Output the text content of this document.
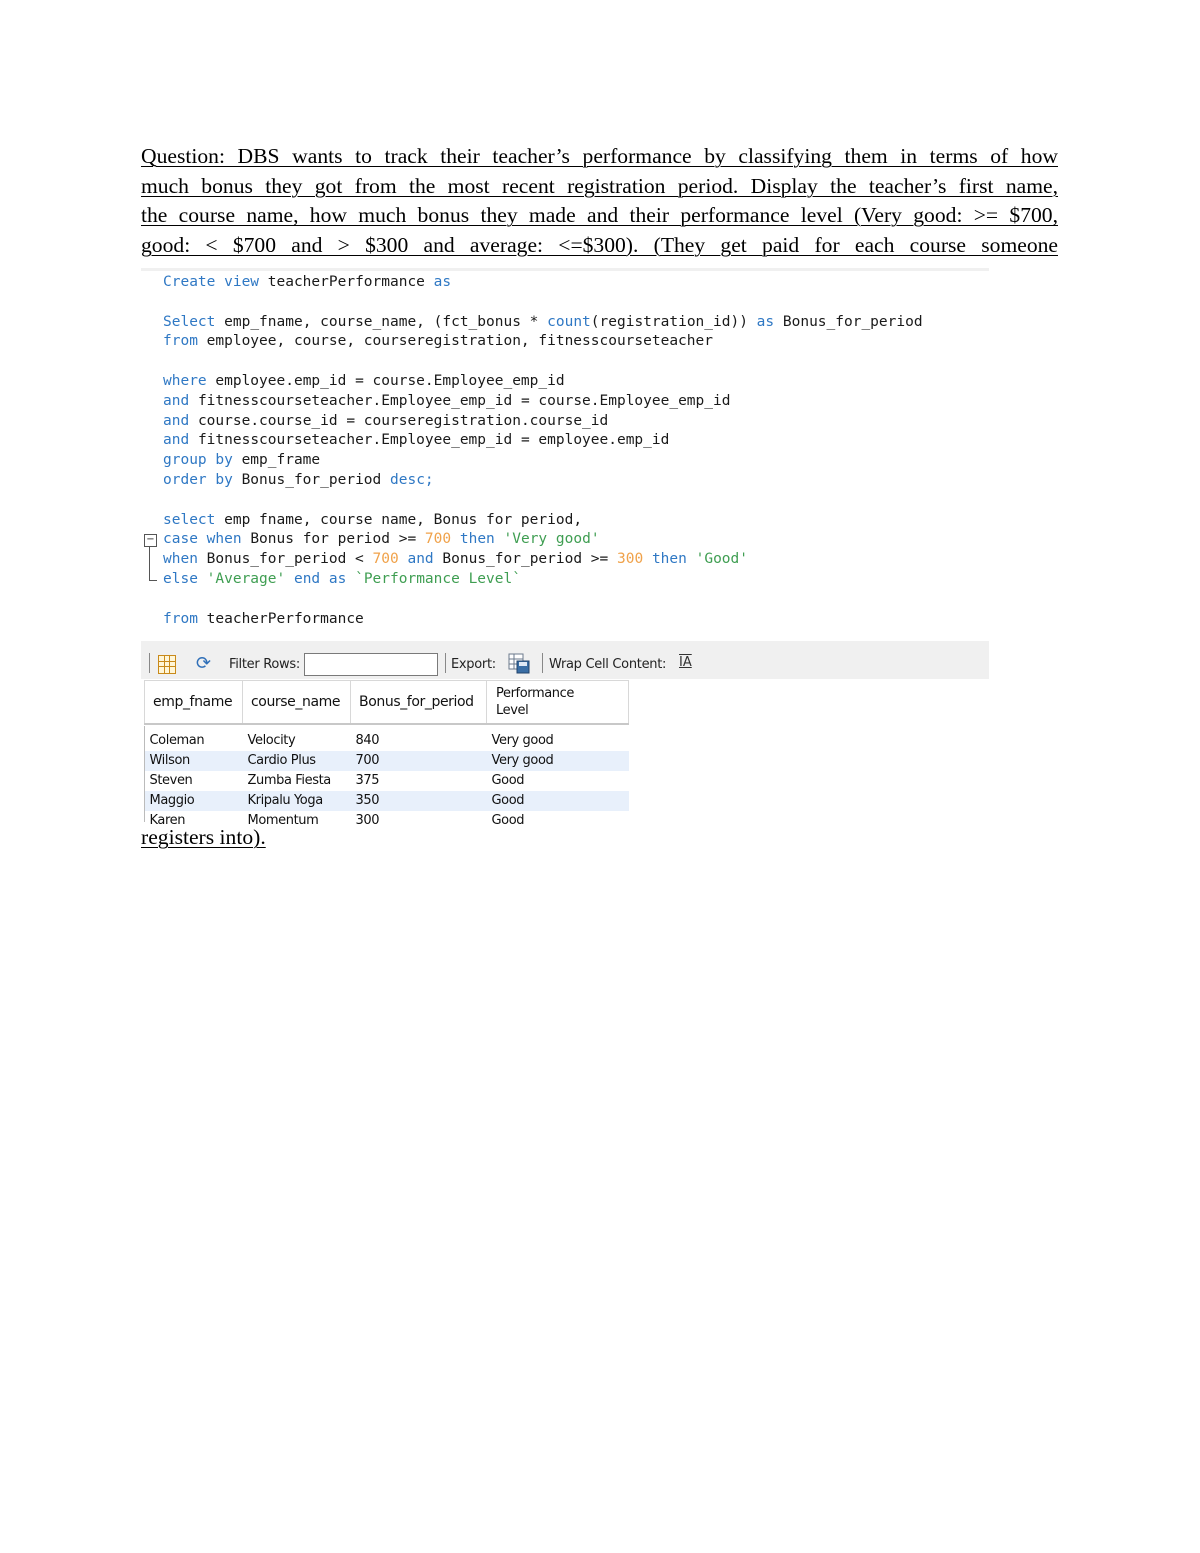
Question: DBS wants to track their teacher’s performance by classifying them in terms of how
much bonus they got from the most recent registration period. Display the teacher’s first name,
the course name, how much bonus they made and their performance level (Very good: >= $700,
good: < $700 and > $300 and average: <=$300). (They get paid for each course someone
−
Create view teacherPerformance as

Select emp_fname, course_name, (fct_bonus * count(registration_id)) as Bonus_for_period
from employee, course, courseregistration, fitnesscourseteacher

where employee.emp_id = course.Employee_emp_id
and fitnesscourseteacher.Employee_emp_id = course.Employee_emp_id
and course.course_id = courseregistration.course_id
and fitnesscourseteacher.Employee_emp_id = employee.emp_id
group by emp_frame
order by Bonus_for_period desc;

select emp fname, course name, Bonus for period,
case when Bonus for period >= 700 then 'Very good'
when Bonus_for_period < 700 and Bonus_for_period >= 300 then 'Good'
else 'Average' end as `Performance Level`

from teacherPerformance
⟳ Filter Rows:	Export:	Wrap Cell Content: IA
emp_fname	course_name	Bonus_for_period	Performance
Level

Coleman	Velocity	840	Very good
Wilson	Cardio Plus	700	Very good
Steven	Zumba Fiesta	375	Good
Maggio	Kripalu Yoga	350	Good
Karen	Momentum	300	Good
registers into).
